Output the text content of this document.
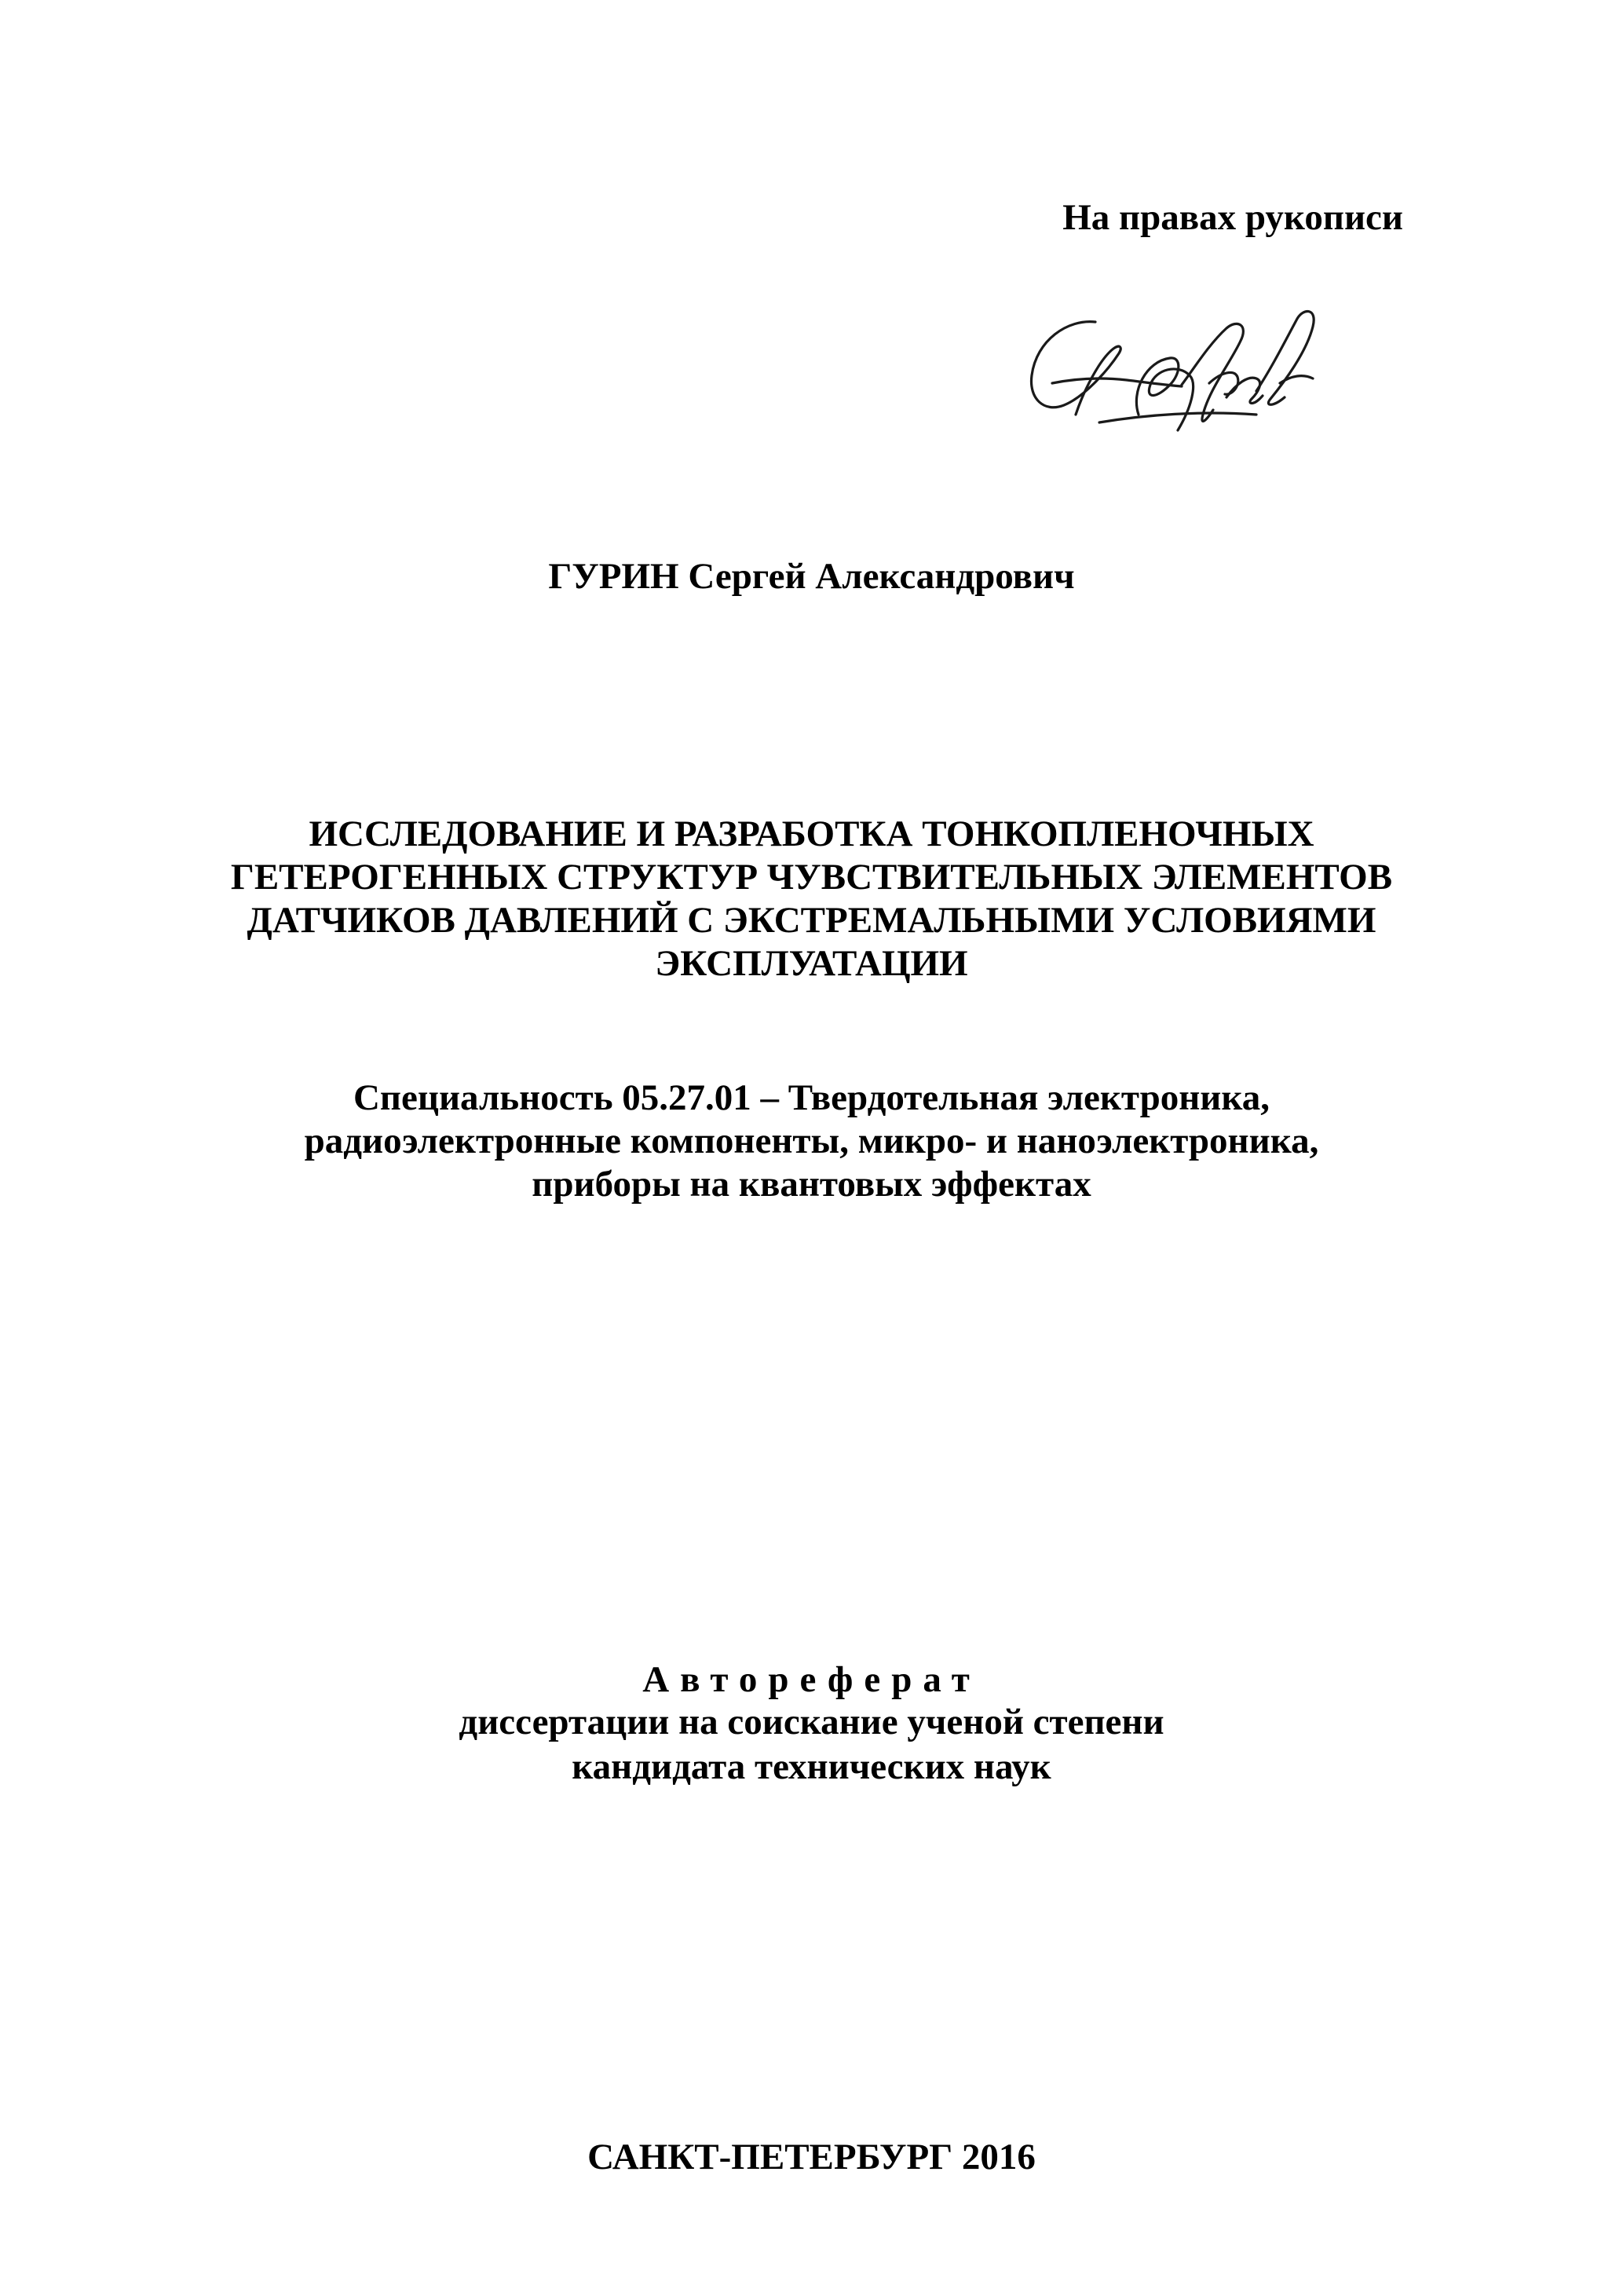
На правах рукописи
ГУРИН Сергей Александрович
ИССЛЕДОВАНИЕ И РАЗРАБОТКА ТОНКОПЛЕНОЧНЫХ
ГЕТЕРОГЕННЫХ СТРУКТУР ЧУВСТВИТЕЛЬНЫХ ЭЛЕМЕНТОВ
ДАТЧИКОВ ДАВЛЕНИЙ С ЭКСТРЕМАЛЬНЫМИ УСЛОВИЯМИ
ЭКСПЛУАТАЦИИ
Специальность 05.27.01 – Твердотельная электроника,
радиоэлектронные компоненты, микро- и наноэлектроника,
приборы на квантовых эффектах
Автореферат
диссертации на соискание ученой степени
кандидата технических наук
САНКТ-ПЕТЕРБУРГ 2016
